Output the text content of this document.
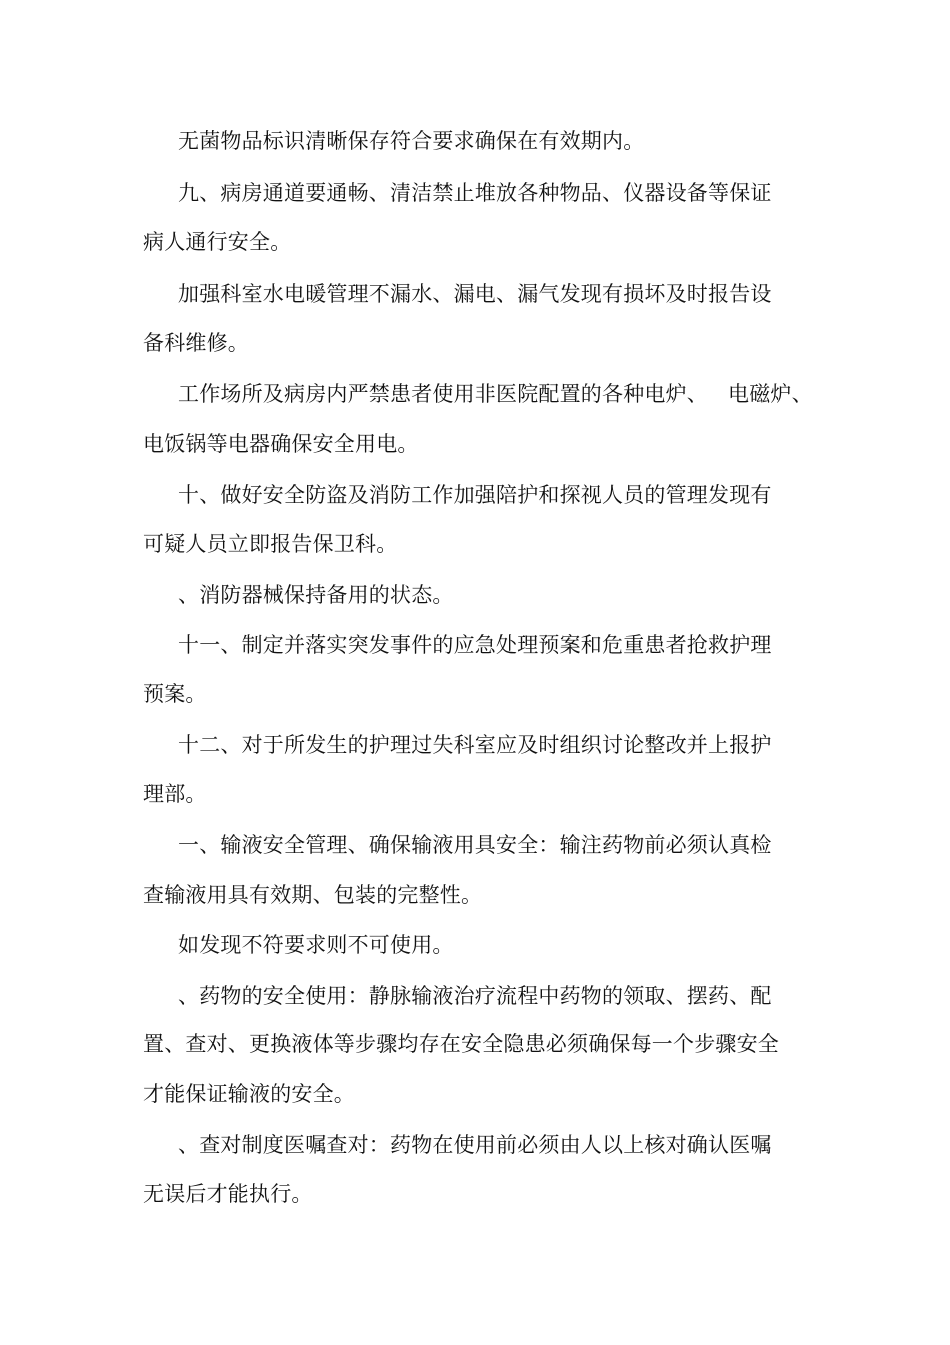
无菌物品标识清晰保存符合要求确保在有效期内。
九、病房通道要通畅、清洁禁止堆放各种物品、仪器设备等保证
病人通行安全。
加强科室水电暖管理不漏水、漏电、漏气发现有损坏及时报告设
备科维修。
工作场所及病房内严禁患者使用非医院配置的各种电炉、 电磁炉、
电饭锅等电器确保安全用电。
十、做好安全防盗及消防工作加强陪护和探视人员的管理发现有
可疑人员立即报告保卫科。
、消防器械保持备用的状态。
十一、制定并落实突发事件的应急处理预案和危重患者抢救护理
预案。
十二、对于所发生的护理过失科室应及时组织讨论整改并上报护
理部。
一、输液安全管理、确保输液用具安全：输注药物前必须认真检
查输液用具有效期、包装的完整性。
如发现不符要求则不可使用。
、药物的安全使用：静脉输液治疗流程中药物的领取、摆药、配
置、查对、更换液体等步骤均存在安全隐患必须确保每一个步骤安全
才能保证输液的安全。
、查对制度医嘱查对：药物在使用前必须由人以上核对确认医嘱
无误后才能执行。
